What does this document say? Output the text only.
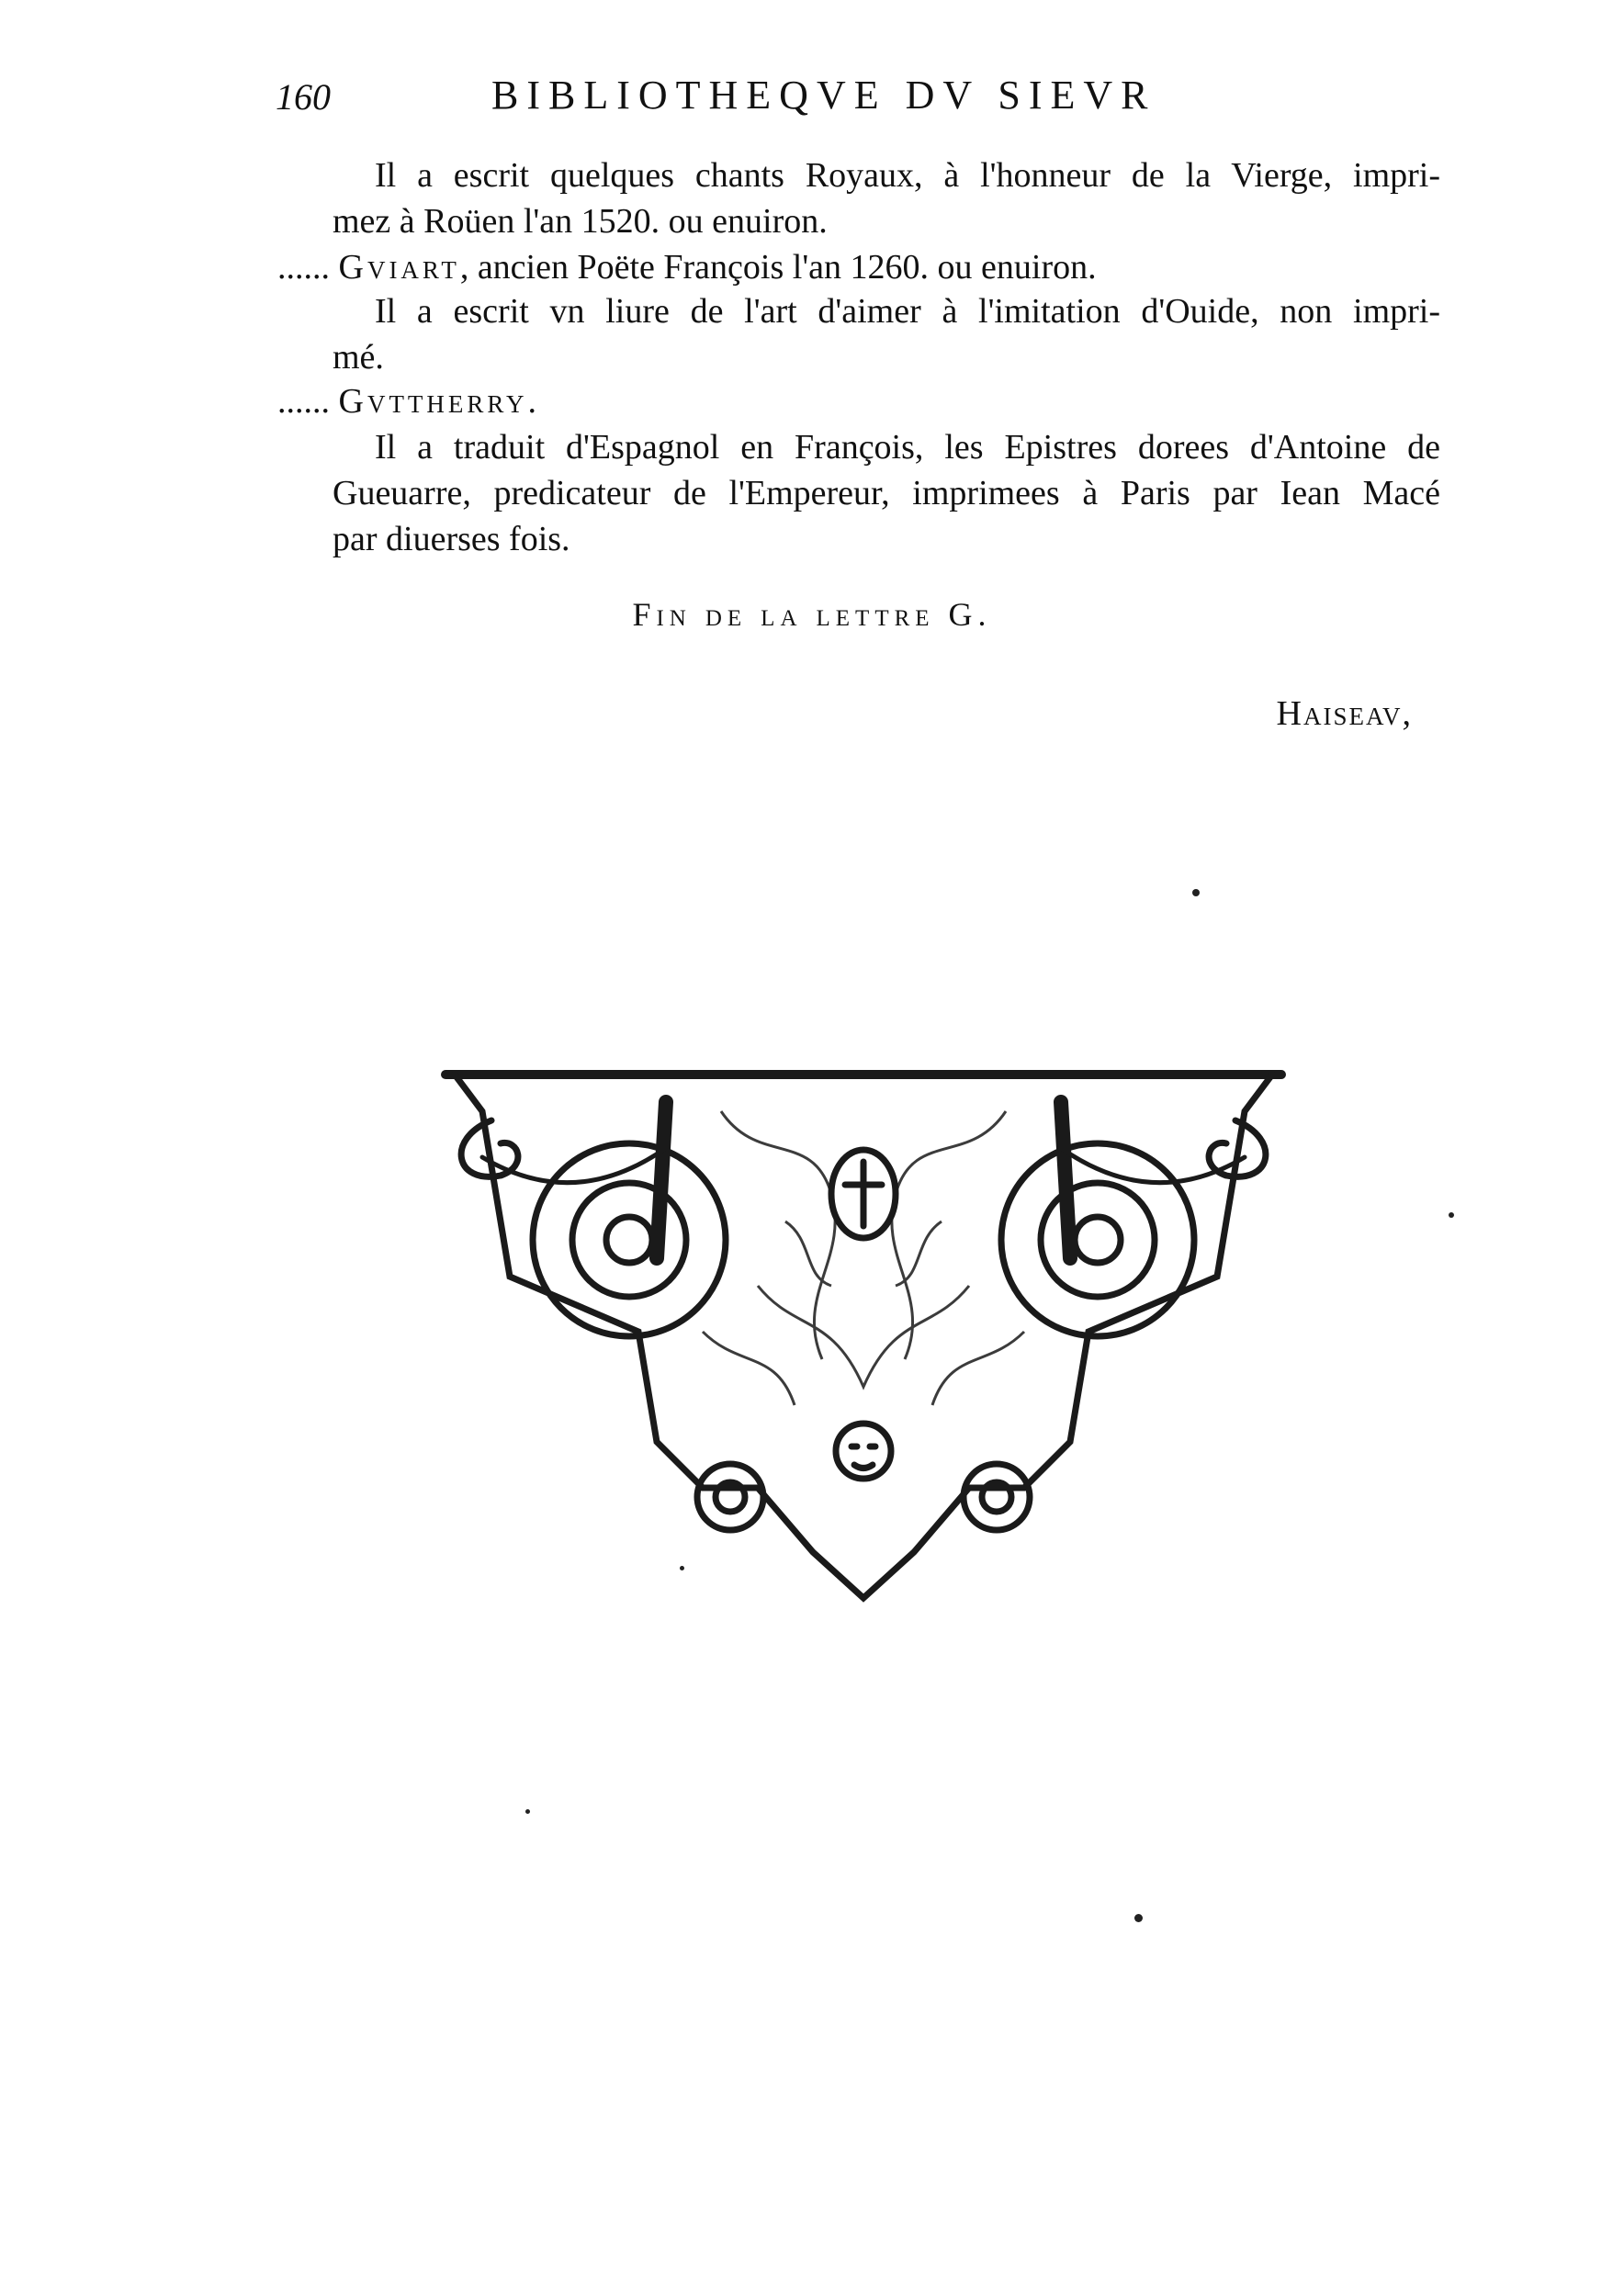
160	BIBLIOTHEQVE DV SIEVR
Il a escrit quelques chants Royaux, à l'honneur de la Vierge, impri-
mez à Roüen l'an 1520. ou enuiron.
...... Gviart, ancien Poëte François l'an 1260. ou enuiron.
Il a escrit vn liure de l'art d'aimer à l'imitation d'Ouide, non impri-
mé.
...... Gvttherry.
Il a traduit d'Espagnol en François, les Epistres dorees d'Antoine de
Gueuarre, predicateur de l'Empereur, imprimees à Paris par Iean Macé
par diuerses fois.
Fin de la lettre G.
Haiseav,
